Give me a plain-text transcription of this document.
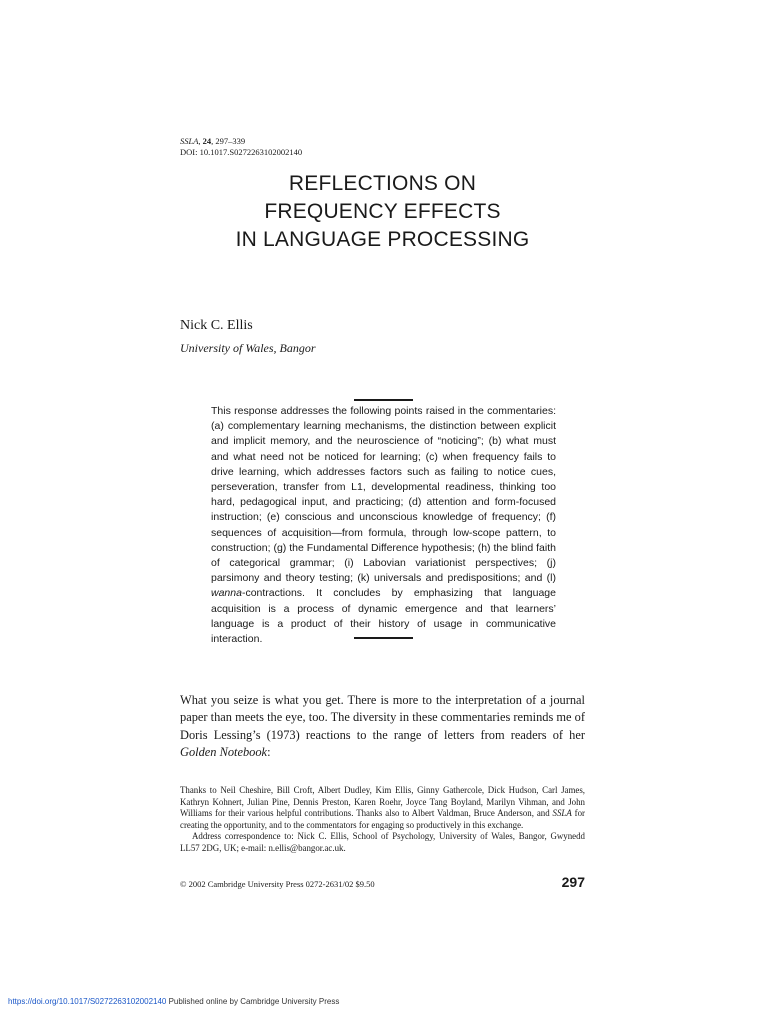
SSLA, 24, 297–339
DOI: 10.1017.S0272263102002140
REFLECTIONS ON
FREQUENCY EFFECTS
IN LANGUAGE PROCESSING
Nick C. Ellis
University of Wales, Bangor
This response addresses the following points raised in the commentaries: (a) complementary learning mechanisms, the distinction between explicit and implicit memory, and the neuroscience of “noticing”; (b) what must and what need not be noticed for learning; (c) when frequency fails to drive learning, which addresses factors such as failing to notice cues, perseveration, transfer from L1, developmental readiness, thinking too hard, pedagogical input, and practicing; (d) attention and form-focused instruction; (e) conscious and unconscious knowledge of frequency; (f) sequences of acquisition—from formula, through low-scope pattern, to construction; (g) the Fundamental Difference hypothesis; (h) the blind faith of categorical grammar; (i) Labovian variationist perspectives; (j) parsimony and theory testing; (k) universals and predispositions; and (l) wanna-contractions. It concludes by emphasizing that language acquisition is a process of dynamic emergence and that learners’ language is a product of their history of usage in communicative interaction.
What you seize is what you get. There is more to the interpretation of a journal paper than meets the eye, too. The diversity in these commentaries reminds me of Doris Lessing’s (1973) reactions to the range of letters from readers of her Golden Notebook:

Thanks to Neil Cheshire, Bill Croft, Albert Dudley, Kim Ellis, Ginny Gathercole, Dick Hudson, Carl James, Kathryn Kohnert, Julian Pine, Dennis Preston, Karen Roehr, Joyce Tang Boyland, Marilyn Vihman, and John Williams for their various helpful contributions. Thanks also to Albert Valdman, Bruce Anderson, and SSLA for creating the opportunity, and to the commentators for engaging so productively in this exchange.

Address correspondence to: Nick C. Ellis, School of Psychology, University of Wales, Bangor, Gwynedd LL57 2DG, UK; e-mail: n.ellis@bangor.ac.uk.

© 2002 Cambridge University Press 0272-2631/02 $9.50	297
https://doi.org/10.1017/S0272263102002140 Published online by Cambridge University Press
